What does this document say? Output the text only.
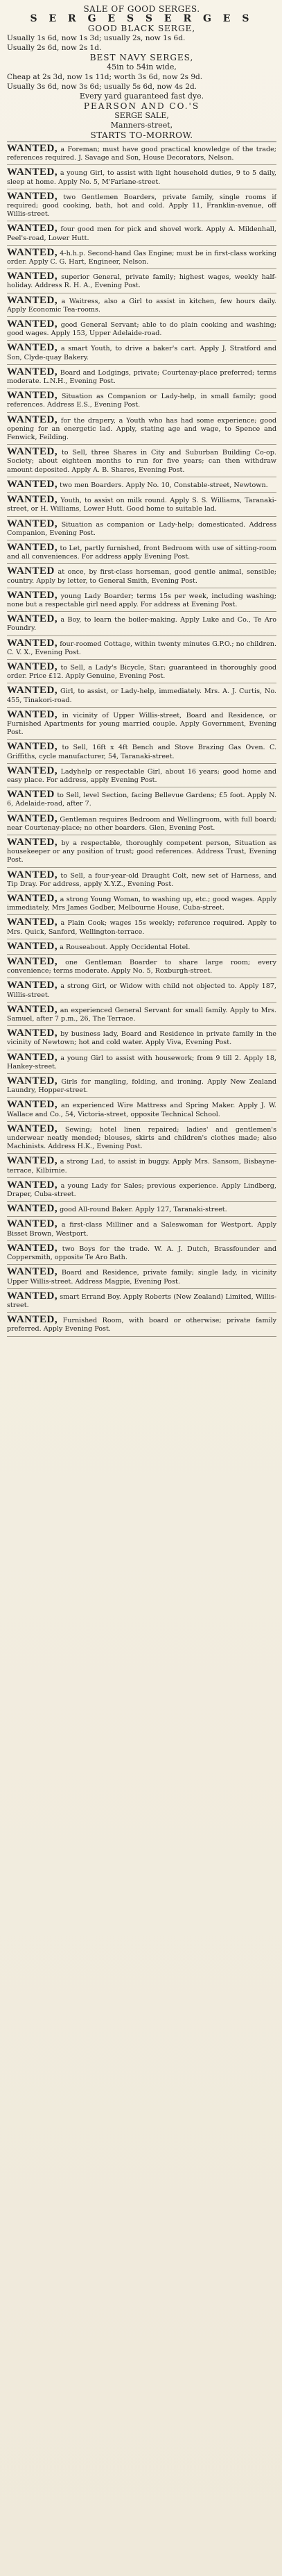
SALE OF GOOD SERGES.
S E R G E S S E R G E S
GOOD BLACK SERGE,
Usually 1s 6d, now 1s 3d; usually 2s, now 1s 6d.
Usually 2s 6d, now 2s 1d.
BEST NAVY SERGES,
45in to 54in wide,
Cheap at 2s 3d, now 1s 11d; worth 3s 6d, now 2s 9d.
Usually 3s 6d, now 3s 6d; usually 5s 6d, now 4s 2d.
Every yard guaranteed fast dye.
PEARSON AND CO.'S
SERGE SALE,
Manners-street,
STARTS TO-MORROW.

WANTED, a Foreman; must have good practical knowledge of the trade; references required. J. Savage and Son, House Decorators, Nelson.

WANTED, a young Girl, to assist with light household duties, 9 to 5 daily, sleep at home. Apply No. 5, M'Farlane-street.

WANTED, two Gentlemen Boarders, private family, single rooms if required; good cooking, bath, hot and cold. Apply 11, Franklin-avenue, off Willis-street.

WANTED, four good men for pick and shovel work. Apply A. Mildenhall, Peel's-road, Lower Hutt.

WANTED, 4-h.h.p. Second-hand Gas Engine; must be in first-class working order. Apply C. G. Hart, Engineer, Nelson.

WANTED, superior General, private family; highest wages, weekly half-holiday. Address R. H. A., Evening Post.

WANTED, a Waitress, also a Girl to assist in kitchen, few hours daily. Apply Economic Tea-rooms.

WANTED, good General Servant; able to do plain cooking and washing; good wages. Apply 153, Upper Adelaide-road.

WANTED, a smart Youth, to drive a baker's cart. Apply J. Stratford and Son, Clyde-quay Bakery.

WANTED, Board and Lodgings, private; Courtenay-place preferred; terms moderate. L.N.H., Evening Post.

WANTED, Situation as Companion or Lady-help, in small family; good references. Address E.S., Evening Post.

WANTED, for the drapery, a Youth who has had some experience; good opening for an energetic lad. Apply, stating age and wage, to Spence and Fenwick, Feilding.

WANTED, to Sell, three Shares in City and Suburban Building Co-op. Society; about eighteen months to run for five years; can then withdraw amount deposited. Apply A. B. Shares, Evening Post.

WANTED, two men Boarders. Apply No. 10, Constable-street, Newtown.

WANTED, Youth, to assist on milk round. Apply S. S. Williams, Taranaki-street, or H. Williams, Lower Hutt. Good home to suitable lad.

WANTED, Situation as companion or Lady-help; domesticated. Address Companion, Evening Post.

WANTED, to Let, partly furnished, front Bedroom with use of sitting-room and all conveniences. For address apply Evening Post.

WANTED at once, by first-class horseman, good gentle animal, sensible; country. Apply by letter, to General Smith, Evening Post.

WANTED, young Lady Boarder; terms 15s per week, including washing; none but a respectable girl need apply. For address at Evening Post.

WANTED, a Boy, to learn the boiler-making. Apply Luke and Co., Te Aro Foundry.

WANTED, four-roomed Cottage, within twenty minutes G.P.O.; no children. C. V. X., Evening Post.

WANTED, to Sell, a Lady's Bicycle, Star; guaranteed in thoroughly good order. Price £12. Apply Genuine, Evening Post.

WANTED, Girl, to assist, or Lady-help, immediately. Mrs. A. J. Curtis, No. 455, Tinakori-road.

WANTED, in vicinity of Upper Willis-street, Board and Residence, or Furnished Apartments for young married couple. Apply Government, Evening Post.

WANTED, to Sell, 16ft x 4ft Bench and Stove Brazing Gas Oven. C. Griffiths, cycle manufacturer, 54, Taranaki-street.

WANTED, Ladyhelp or respectable Girl, about 16 years; good home and easy place. For address, apply Evening Post.

WANTED to Sell, level Section, facing Bellevue Gardens; £5 foot. Apply N. 6, Adelaide-road, after 7.

WANTED, Gentleman requires Bedroom and Wellingroom, with full board; near Courtenay-place; no other boarders. Glen, Evening Post.

WANTED, by a respectable, thoroughly competent person, Situation as housekeeper or any position of trust; good references. Address Trust, Evening Post.

WANTED, to Sell, a four-year-old Draught Colt, new set of Harness, and Tip Dray. For address, apply X.Y.Z., Evening Post.

WANTED, a strong Young Woman, to washing up, etc.; good wages. Apply immediately, Mrs James Godber, Melbourne House, Cuba-street.

WANTED, a Plain Cook; wages 15s weekly; reference required. Apply to Mrs. Quick, Sanford, Wellington-terrace.

WANTED, a Rouseabout. Apply Occidental Hotel.

WANTED, one Gentleman Boarder to share large room; every convenience; terms moderate. Apply No. 5, Roxburgh-street.

WANTED, a strong Girl, or Widow with child not objected to. Apply 187, Willis-street.

WANTED, an experienced General Servant for small family. Apply to Mrs. Samuel, after 7 p.m., 26, The Terrace.

WANTED, by business lady, Board and Residence in private family in the vicinity of Newtown; hot and cold water. Apply Viva, Evening Post.

WANTED, a young Girl to assist with housework; from 9 till 2. Apply 18, Hankey-street.

WANTED, Girls for mangling, folding, and ironing. Apply New Zealand Laundry, Hopper-street.

WANTED, an experienced Wire Mattress and Spring Maker. Apply J. W. Wallace and Co., 54, Victoria-street, opposite Technical School.

WANTED, Sewing; hotel linen repaired; ladies' and gentlemen's underwear neatly mended; blouses, skirts and children's clothes made; also Machinists. Address H.K., Evening Post.

WANTED, a strong Lad, to assist in buggy. Apply Mrs. Sansom, Bisbayne-terrace, Kilbirnie.

WANTED, a young Lady for Sales; previous experience. Apply Lindberg, Draper, Cuba-street.

WANTED, good All-round Baker. Apply 127, Taranaki-street.

WANTED, a first-class Milliner and a Saleswoman for Westport. Apply Bisset Brown, Westport.

WANTED, two Boys for the trade. W. A. J. Dutch, Brassfounder and Coppersmith, opposite Te Aro Bath.

WANTED, Board and Residence, private family; single lady, in vicinity Upper Willis-street. Address Magpie, Evening Post.

WANTED, smart Errand Boy. Apply Roberts (New Zealand) Limited, Willis-street.

WANTED, Furnished Room, with board or otherwise; private family preferred. Apply Evening Post.
